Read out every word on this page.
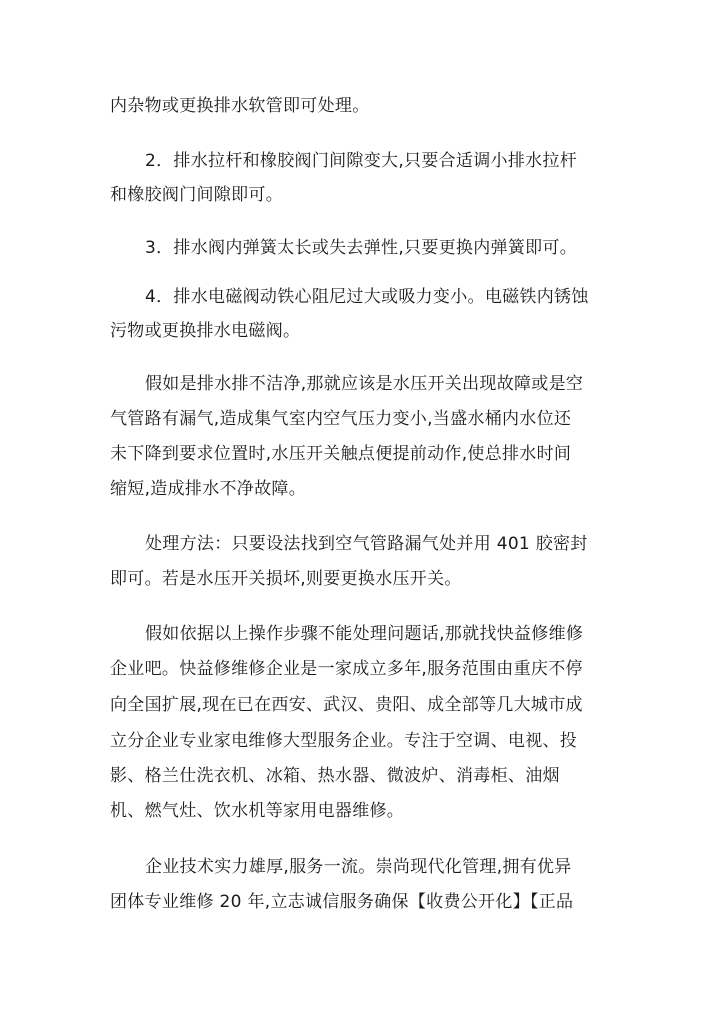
内杂物或更换排水软管即可处理。
2．排水拉杆和橡胶阀门间隙变大,只要合适调小排水拉杆
和橡胶阀门间隙即可。
3．排水阀内弹簧太长或失去弹性,只要更换内弹簧即可。
4．排水电磁阀动铁心阻尼过大或吸力变小。电磁铁内锈蚀
污物或更换排水电磁阀。
假如是排水排不洁净,那就应该是水压开关出现故障或是空
气管路有漏气,造成集气室内空气压力变小,当盛水桶内水位还
未下降到要求位置时,水压开关触点便提前动作,使总排水时间
缩短,造成排水不净故障。
处理方法：只要设法找到空气管路漏气处并用 401 胶密封
即可。若是水压开关损坏,则要更换水压开关。
假如依据以上操作步骤不能处理问题话,那就找快益修维修
企业吧。快益修维修企业是一家成立多年,服务范围由重庆不停
向全国扩展,现在已在西安、武汉、贵阳、成全部等几大城市成
立分企业专业家电维修大型服务企业。专注于空调、电视、投
影、格兰仕洗衣机、冰箱、热水器、微波炉、消毒柜、油烟
机、燃气灶、饮水机等家用电器维修。
企业技术实力雄厚,服务一流。崇尚现代化管理,拥有优异
团体专业维修 20 年,立志诚信服务确保【收费公开化】【正品
